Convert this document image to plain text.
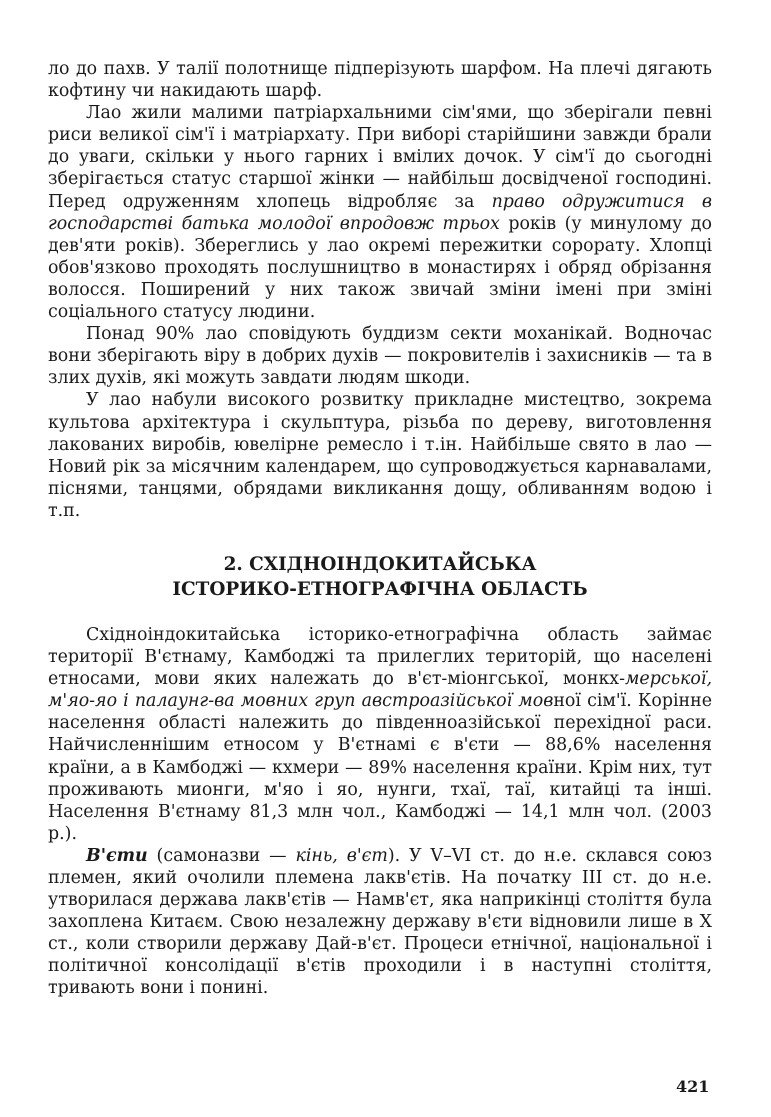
ло до пахв. У талії полотнище підперізують шарфом. На плечі дягають кофтину чи накидають шарф.

Лао жили малими патріархальними сім'ями, що зберігали певні риси великої сім'ї і матріархату. При виборі старійшини завжди брали до уваги, скільки у нього гарних і вмілих дочок. У сім'ї до сьогодні зберігається статус старшої жінки — найбільш досвідченої господині. Перед одруженням хлопець відробляє за право одружитися в господарстві батька молодої впродовж трьох років (у минулому до дев'яти років). Збереглись у лао окремі пережитки сорорату. Хлопці обов'язково проходять послушництво в монастирях і обряд обрізання волосся. Поширений у них також звичай зміни імені при зміні соціального статусу людини.

Понад 90% лао сповідують буддизм секти моханікай. Водночас вони зберігають віру в добрих духів — покровителів і захисників — та в злих духів, які можуть завдати людям шкоди.

У лао набули високого розвитку прикладне мистецтво, зокрема культова архітектура і скульптура, різьба по дереву, виготовлення лакованих виробів, ювелірне ремесло і т.ін. Найбільше свято в лао — Новий рік за місячним календарем, що супроводжується карнавалами, піснями, танцями, обрядами викликання дощу, обливанням водою і т.п.

2. СХІДНОІНДОКИТАЙСЬКА
ІСТОРИКО-ЕТНОГРАФІЧНА ОБЛАСТЬ

Східноіндокитайська історико-етнографічна область займає території В'єтнаму, Камбоджі та прилеглих територій, що населені етносами, мови яких належать до в'єт-міонгської, монкх-мерської, м'яо-яо і палаунг-ва мовних груп австроазійської мовної сім'ї. Корінне населення області належить до південноазійської перехідної раси. Найчисленнішим етносом у В'єтнамі є в'єти — 88,6% населення країни, а в Камбоджі — кхмери — 89% населення країни. Крім них, тут проживають мионги, м'яо і яо, нунги, тхаї, таї, китайці та інші. Населення В'єтнаму 81,3 млн чол., Камбоджі — 14,1 млн чол. (2003 р.).

В'єти (самоназви — кінь, в'єт). У V–VI ст. до н.е. склався союз племен, який очолили племена лакв'єтів. На початку III ст. до н.е. утворилася держава лакв'єтів — Намв'єт, яка наприкінці століття була захоплена Китаєм. Свою незалежну державу в'єти відновили лише в X ст., коли створили державу Дай-в'єт. Процеси етнічної, національної і політичної консолідації в'єтів проходили і в наступні століття, тривають вони і понині.

421
